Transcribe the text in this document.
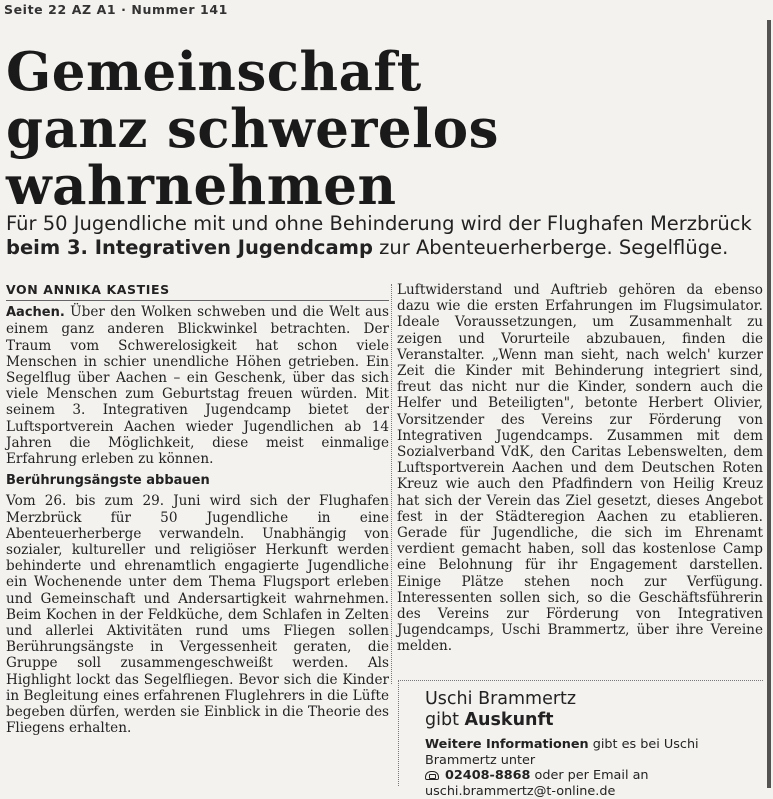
Seite 22 AZ A1 · Nummer 141
Gemeinschaft
ganz schwerelos
wahrnehmen

Für 50 Jugendliche mit und ohne Behinderung wird der Flughafen Merzbrück beim 3. Integrativen Jugendcamp zur Abenteuerherberge. Segelflüge.

VON ANNIKA KASTIES

Aachen. Über den Wolken schweben und die Welt aus einem ganz anderen Blickwinkel betrachten. Der Traum vom Schwerelosigkeit hat schon viele Menschen in schier unendliche Höhen getrieben. Ein Segelflug über Aachen – ein Geschenk, über das sich viele Menschen zum Geburtstag freuen würden. Mit seinem 3. Integrativen Jugendcamp bietet der Luftsportverein Aachen wieder Jugendlichen ab 14 Jahren die Möglichkeit, diese meist einmalige Erfahrung erleben zu können.

Berührungsängste abbauen

Vom 26. bis zum 29. Juni wird sich der Flughafen Merzbrück für 50 Jugendliche in eine Abenteuerherberge verwandeln. Unabhängig von sozialer, kultureller und religiöser Herkunft werden behinderte und ehrenamtlich engagierte Jugendliche ein Wochenende unter dem Thema Flugsport erleben und Gemeinschaft und Andersartigkeit wahrnehmen. Beim Kochen in der Feldküche, dem Schlafen in Zelten und allerlei Aktivitäten rund ums Fliegen sollen Berührungsängste in Vergessenheit geraten, die Gruppe soll zusammengeschweißt werden. Als Highlight lockt das Segelfliegen. Bevor sich die Kinder in Begleitung eines erfahrenen Fluglehrers in die Lüfte begeben dürfen, werden sie Einblick in die Theorie des Fliegens erhalten.

Luftwiderstand und Auftrieb gehören da ebenso dazu wie die ersten Erfahrungen im Flugsimulator. Ideale Voraussetzungen, um Zusammenhalt zu zeigen und Vorurteile abzubauen, finden die Veranstalter. „Wenn man sieht, nach welch' kurzer Zeit die Kinder mit Behinderung integriert sind, freut das nicht nur die Kinder, sondern auch die Helfer und Beteiligten", betonte Herbert Olivier, Vorsitzender des Vereins zur Förderung von Integrativen Jugendcamps. Zusammen mit dem Sozialverband VdK, den Caritas Lebenswelten, dem Luftsportverein Aachen und dem Deutschen Roten Kreuz wie auch den Pfadfindern von Heilig Kreuz hat sich der Verein das Ziel gesetzt, dieses Angebot fest in der Städteregion Aachen zu etablieren. Gerade für Jugendliche, die sich im Ehrenamt verdient gemacht haben, soll das kostenlose Camp eine Belohnung für ihr Engagement darstellen. Einige Plätze stehen noch zur Verfügung. Interessenten sollen sich, so die Geschäftsführerin des Vereins zur Förderung von Integrativen Jugendcamps, Uschi Brammertz, über ihre Vereine melden.

Uschi Brammertz
gibt Auskunft
Weitere Informationen gibt es bei Uschi Brammertz unter
02408-8868 oder per Email an
uschi.brammertz@t-online.de
